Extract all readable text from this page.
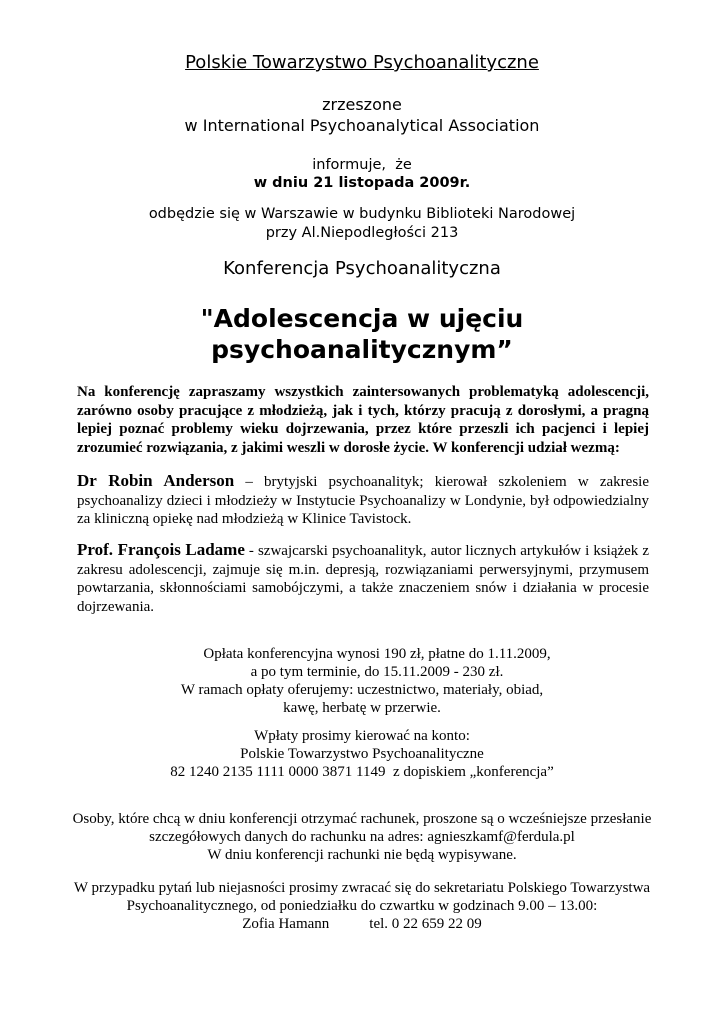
Polskie Towarzystwo Psychoanalityczne
zrzeszone
w International Psychoanalytical Association
informuje,  że
w dniu 21 listopada 2009r.
odbędzie się w Warszawie w budynku Biblioteki Narodowej
przy Al.Niepodległości 213
Konferencja Psychoanalityczna
"Adolescencja w ujęciu
psychoanalitycznym”
Na konferencję zapraszamy wszystkich zaintersowanych problematyką adolescencji, zarówno osoby pracujące z młodzieżą, jak i tych, którzy pracują z dorosłymi, a pragną lepiej poznać problemy wieku dojrzewania, przez które przeszli ich pacjenci i lepiej zrozumieć rozwiązania, z jakimi weszli w dorosłe życie. W konferencji udział wezmą:
Dr Robin Anderson – brytyjski psychoanalityk; kierował szkoleniem w zakresie psychoanalizy dzieci i młodzieży w Instytucie Psychoanalizy w Londynie, był odpowiedzialny za kliniczną opiekę nad młodzieżą w Klinice Tavistock.
Prof. François Ladame - szwajcarski psychoanalityk, autor licznych artykułów i książek z zakresu adolescencji, zajmuje się m.in. depresją, rozwiązaniami perwersyjnymi, przymusem powtarzania, skłonnościami samobójczymi, a także znaczeniem snów i działania w procesie dojrzewania.
Opłata konferencyjna wynosi 190 zł, płatne do 1.11.2009,
a po tym terminie, do 15.11.2009 - 230 zł.
W ramach opłaty oferujemy: uczestnictwo, materiały, obiad,
kawę, herbatę w przerwie.
Wpłaty prosimy kierować na konto:
Polskie Towarzystwo Psychoanalityczne
82 1240 2135 1111 0000 3871 1149  z dopiskiem „konferencja”
Osoby, które chcą w dniu konferencji otrzymać rachunek, proszone są o wcześniejsze przesłanie
szczegółowych danych do rachunku na adres: agnieszkamf@ferdula.pl
W dniu konferencji rachunki nie będą wypisywane.
W przypadku pytań lub niejasności prosimy zwracać się do sekretariatu Polskiego Towarzystwa
Psychoanalitycznego, od poniedziałku do czwartku w godzinach 9.00 – 13.00:
Zofia Hamann	tel. 0 22 659 22 09
